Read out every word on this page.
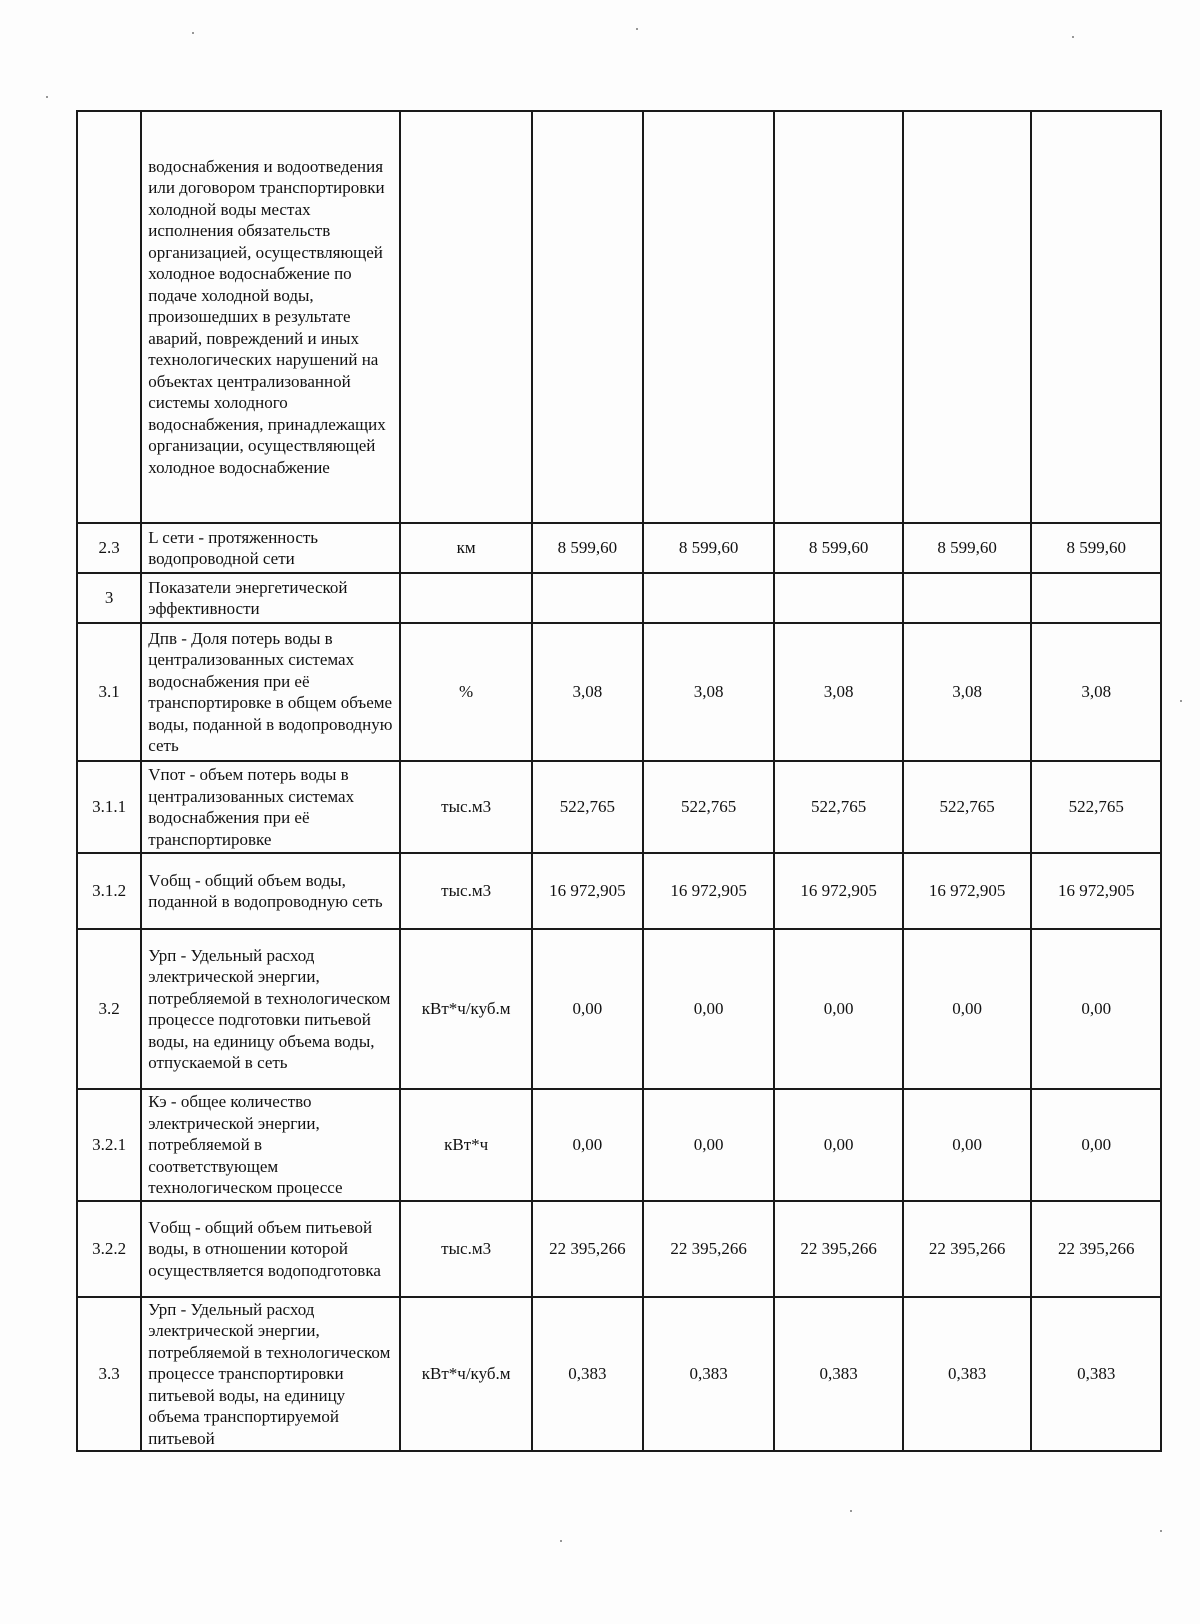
	водоснабжения и водоотведения или договором транспортировки холодной воды местах исполнения обязательств организацией, осуществляющей холодное водоснабжение по подаче холодной воды, произошедших в результате аварий, повреждений и иных технологических нарушений на объектах централизованной системы холодного водоснабжения, принадлежащих организации, осуществляющей холодное водоснабжение						
2.3	L сети - протяженность водопроводной сети	км	8 599,60	8 599,60	8 599,60	8 599,60	8 599,60
3	Показатели энергетической эффективности						
3.1	Дпв - Доля потерь воды в централизованных системах водоснабжения при её транспортировке в общем объеме воды, поданной в водопроводную сеть	%	3,08	3,08	3,08	3,08	3,08
3.1.1	Vпот - объем потерь воды в централизованных системах водоснабжения при её транспортировке	тыс.м3	522,765	522,765	522,765	522,765	522,765
3.1.2	Vобщ - общий объем воды, поданной в водопроводную сеть	тыс.м3	16 972,905	16 972,905	16 972,905	16 972,905	16 972,905
3.2	Урп - Удельный расход электрической энергии, потребляемой в технологическом процессе подготовки питьевой воды, на единицу объема воды, отпускаемой в сеть	кВт*ч/куб.м	0,00	0,00	0,00	0,00	0,00
3.2.1	Кэ - общее количество электрической энергии, потребляемой в соответствующем технологическом процессе	кВт*ч	0,00	0,00	0,00	0,00	0,00
3.2.2	Vобщ - общий объем питьевой воды, в отношении которой осуществляется водоподготовка	тыс.м3	22 395,266	22 395,266	22 395,266	22 395,266	22 395,266
3.3	Урп - Удельный расход электрической энергии, потребляемой в технологическом процессе транспортировки питьевой воды, на единицу объема транспортируемой питьевой	кВт*ч/куб.м	0,383	0,383	0,383	0,383	0,383
